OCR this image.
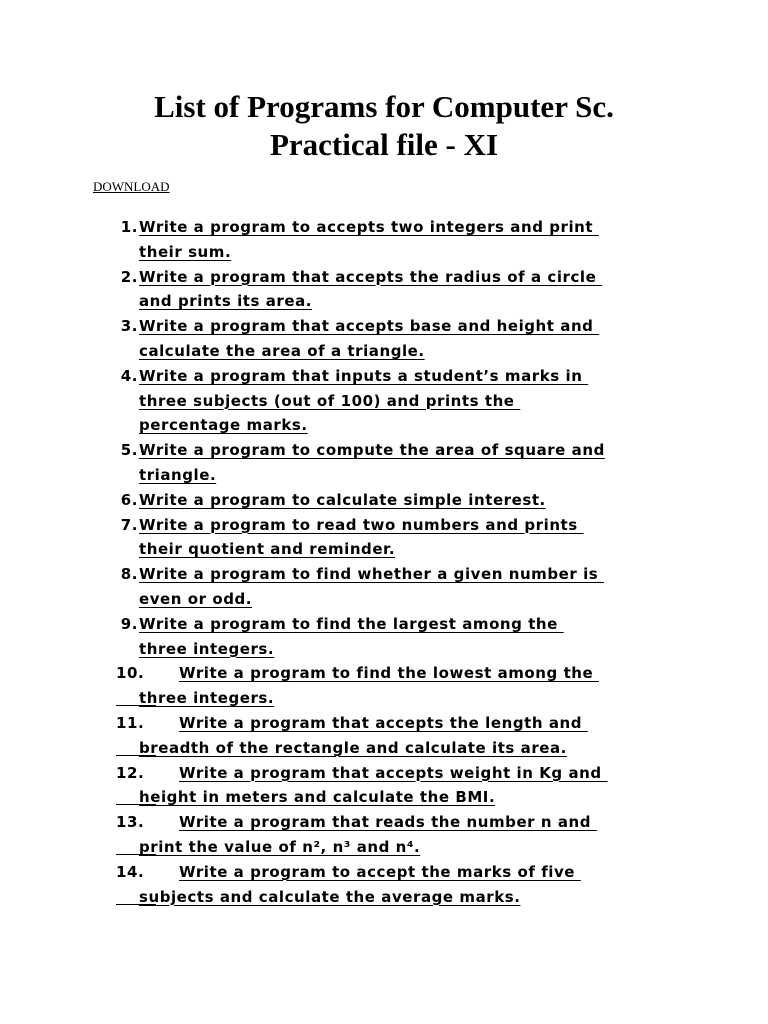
List of Programs for Computer Sc.
Practical file - XI
DOWNLOAD
1. Write a program to accepts two integers and print
their sum.
2. Write a program that accepts the radius of a circle
and prints its area.
3. Write a program that accepts base and height and
calculate the area of a triangle.
4. Write a program that inputs a student’s marks in
three subjects (out of 100) and prints the
percentage marks.
5. Write a program to compute the area of square and
triangle.
6. Write a program to calculate simple interest.
7. Write a program to read two numbers and prints
their quotient and reminder.
8. Write a program to find whether a given number is
even or odd.
9. Write a program to find the largest among the
three integers.
10.	Write a program to find the lowest among the
three integers.
11.	Write a program that accepts the length and
breadth of the rectangle and calculate its area.
12.	Write a program that accepts weight in Kg and
height in meters and calculate the BMI.
13.	Write a program that reads the number n and
print the value of n², n³ and n⁴.
14.	Write a program to accept the marks of five
subjects and calculate the average marks.
